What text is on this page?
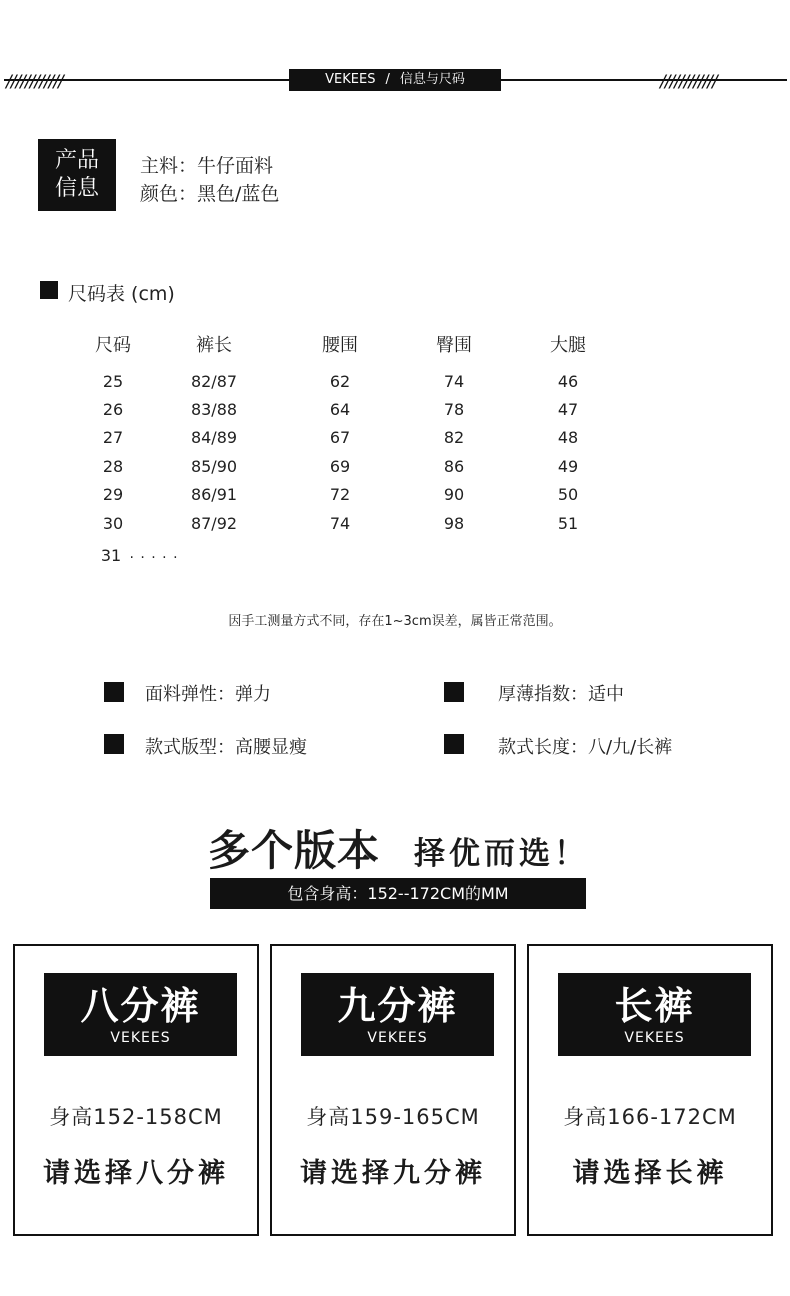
////////////	////////////
VEKEES / 信息与尺码
产品
信息
主料：牛仔面料
颜色：黑色/蓝色
尺码表 (cm)
尺码	裤长	腰围	臀围	大腿
25	82/87	62	74	46
26	83/88	64	78	47
27	84/89	67	82	48
28	85/90	69	86	49
29	86/91	72	90	50
30	87/92	74	98	51
31 . . . . .
因手工测量方式不同，存在1~3cm误差，属皆正常范围。
面料弹性：弹力	厚薄指数：适中
款式版型：高腰显瘦	款式长度：八/九/长裤
多个版本 择优而选！
包含身高：152--172CM的MM
八分裤
VEKEES
身高152-158CM
请选择八分裤
九分裤
VEKEES
身高159-165CM
请选择九分裤
长裤
VEKEES
身高166-172CM
请选择长裤
